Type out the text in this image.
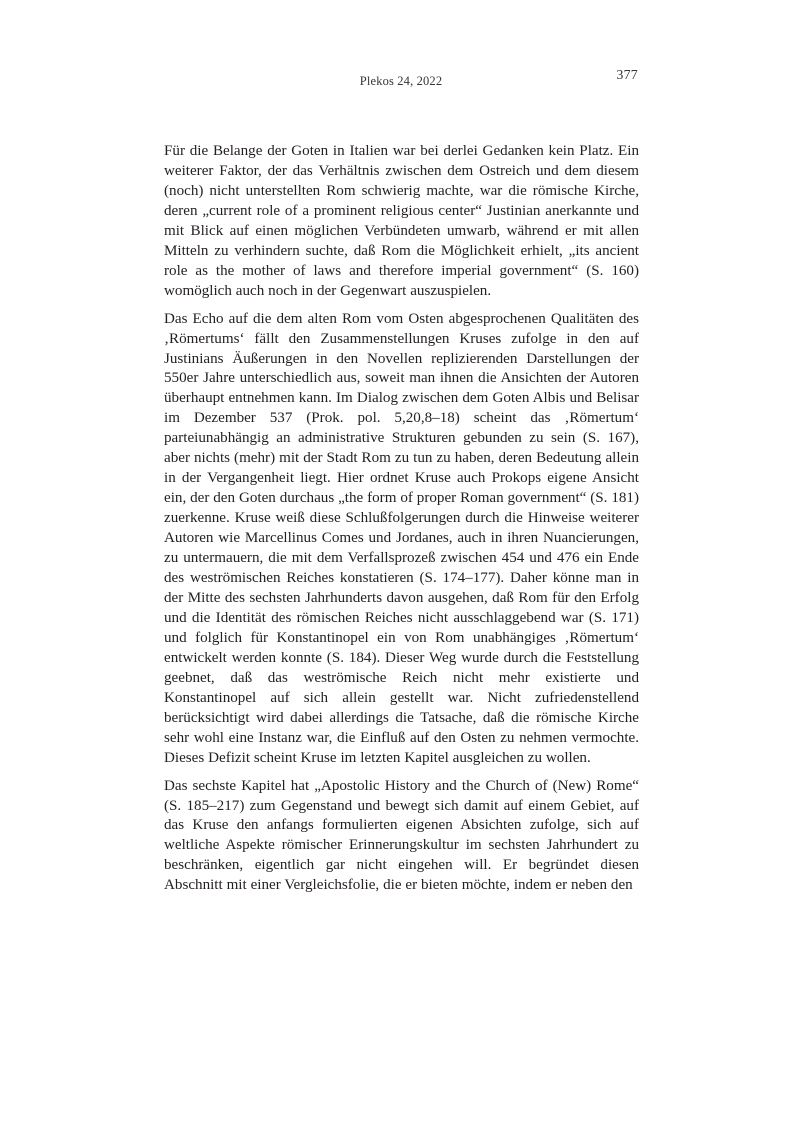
Plekos 24, 2022	377

Für die Belange der Goten in Italien war bei derlei Gedanken kein Platz. Ein weiterer Faktor, der das Verhältnis zwischen dem Ostreich und dem diesem (noch) nicht unterstellten Rom schwierig machte, war die römische Kirche, deren „current role of a prominent religious center“ Justinian anerkannte und mit Blick auf einen möglichen Verbündeten umwarb, während er mit allen Mitteln zu verhindern suchte, daß Rom die Möglichkeit erhielt, „its ancient role as the mother of laws and therefore imperial government“ (S. 160) womöglich auch noch in der Gegenwart auszuspielen.

Das Echo auf die dem alten Rom vom Osten abgesprochenen Qualitäten des ‚Römertums‘ fällt den Zusammenstellungen Kruses zufolge in den auf Justinians Äußerungen in den Novellen replizierenden Darstellungen der 550er Jahre unterschiedlich aus, soweit man ihnen die Ansichten der Autoren überhaupt entnehmen kann. Im Dialog zwischen dem Goten Albis und Belisar im Dezember 537 (Prok. pol. 5,20,8–18) scheint das ‚Römertum‘ parteiunabhängig an administrative Strukturen gebunden zu sein (S. 167), aber nichts (mehr) mit der Stadt Rom zu tun zu haben, deren Bedeutung allein in der Vergangenheit liegt. Hier ordnet Kruse auch Prokops eigene Ansicht ein, der den Goten durchaus „the form of proper Roman government“ (S. 181) zuerkenne. Kruse weiß diese Schlußfolgerungen durch die Hinweise weiterer Autoren wie Marcellinus Comes und Jordanes, auch in ihren Nuancierungen, zu untermauern, die mit dem Verfallsprozeß zwischen 454 und 476 ein Ende des weströmischen Reiches konstatieren (S. 174–177). Daher könne man in der Mitte des sechsten Jahrhunderts davon ausgehen, daß Rom für den Erfolg und die Identität des römischen Reiches nicht ausschlaggebend war (S. 171) und folglich für Konstantinopel ein von Rom unabhängiges ‚Römertum‘ entwickelt werden konnte (S. 184). Dieser Weg wurde durch die Feststellung geebnet, daß das weströmische Reich nicht mehr existierte und Konstantinopel auf sich allein gestellt war. Nicht zufriedenstellend berücksichtigt wird dabei allerdings die Tatsache, daß die römische Kirche sehr wohl eine Instanz war, die Einfluß auf den Osten zu nehmen vermochte. Dieses Defizit scheint Kruse im letzten Kapitel ausgleichen zu wollen.

Das sechste Kapitel hat „Apostolic History and the Church of (New) Rome“ (S. 185–217) zum Gegenstand und bewegt sich damit auf einem Gebiet, auf das Kruse den anfangs formulierten eigenen Absichten zufolge, sich auf weltliche Aspekte römischer Erinnerungskultur im sechsten Jahrhundert zu beschränken, eigentlich gar nicht eingehen will. Er begründet diesen Abschnitt mit einer Vergleichsfolie, die er bieten möchte, indem er neben den
